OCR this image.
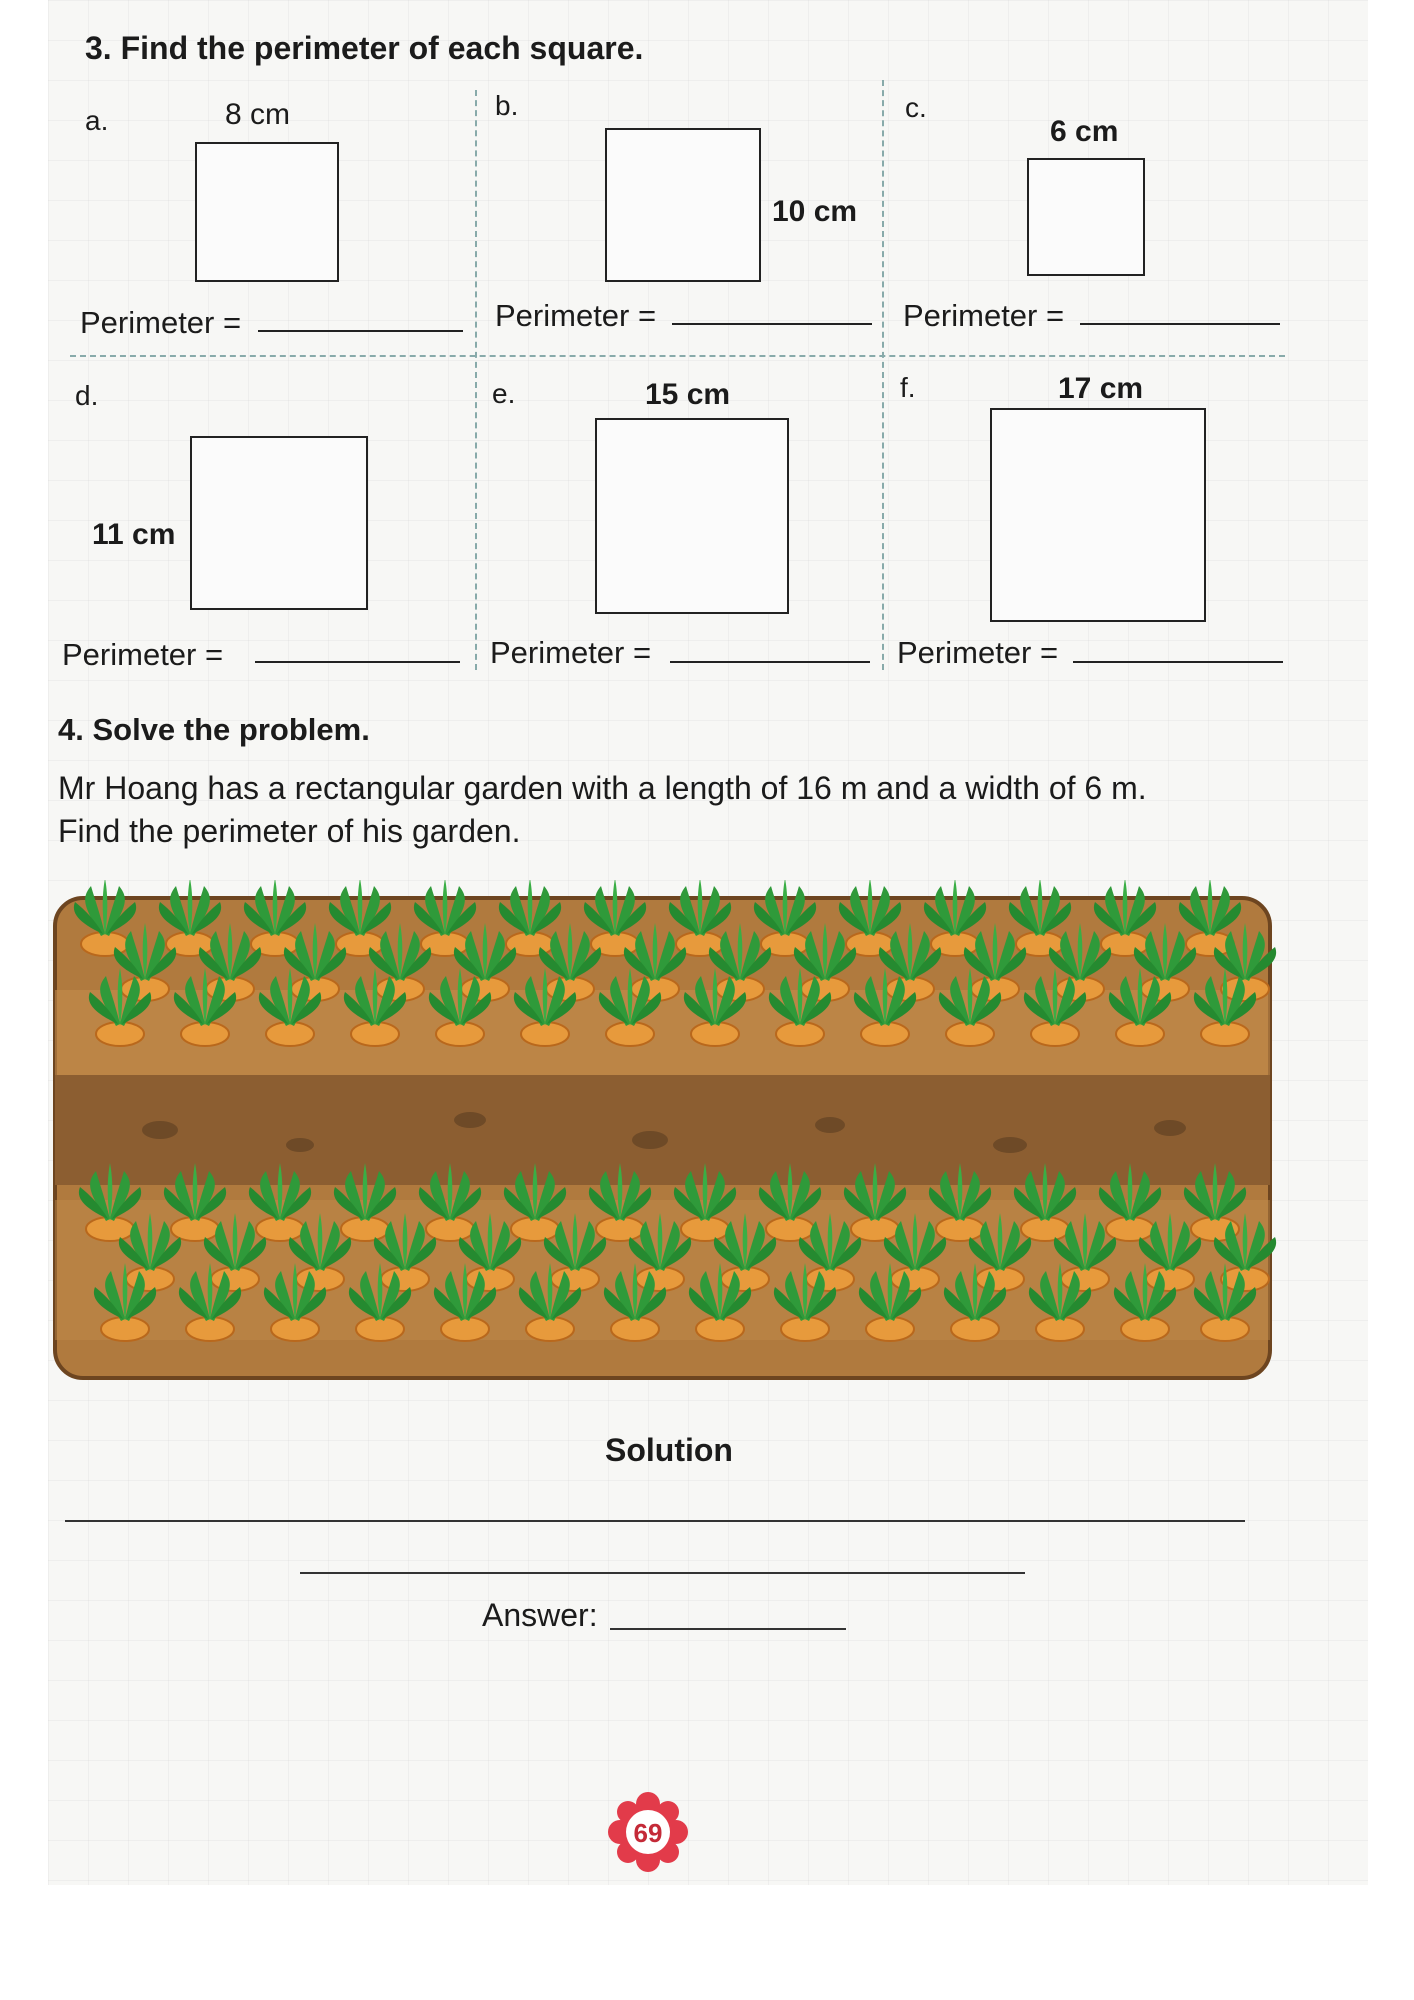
3. Find the perimeter of each square.
a.	8 cm
Perimeter =
b.
10 cm
Perimeter =
c.
6 cm
Perimeter =
d.
11 cm
Perimeter =
e.	15 cm
Perimeter =
f.	17 cm
Perimeter =
4. Solve the problem.
Mr Hoang has a rectangular garden with a length of 16 m and a width of 6 m.
Find the perimeter of his garden.
Solution
Answer:
69
